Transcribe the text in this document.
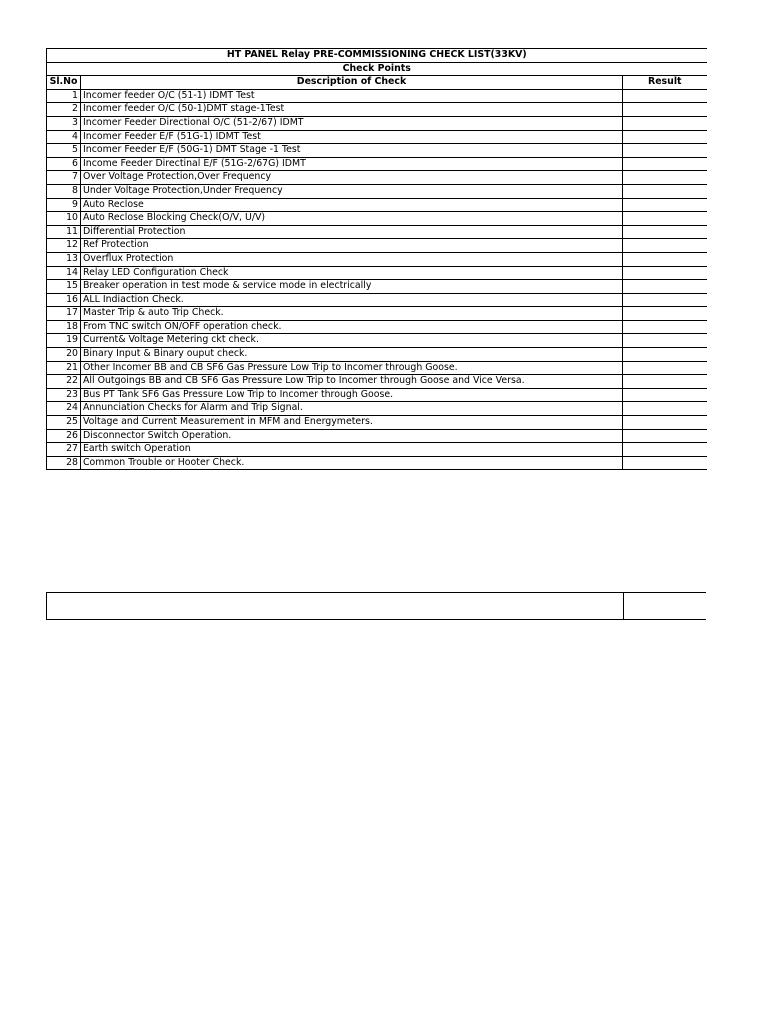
HT PANEL Relay PRE-COMMISSIONING CHECK LIST(33KV)		
Check Points		
Sl.No	Description of Check	Result
1	Incomer feeder O/C (51-1) IDMT Test	
2	Incomer feeder O/C (50-1)DMT stage-1Test	
3	Incomer Feeder Directional O/C (51-2/67) IDMT	
4	Incomer Feeder E/F (51G-1) IDMT Test	
5	Incomer Feeder E/F (50G-1) DMT Stage -1 Test	
6	Income Feeder Directinal E/F (51G-2/67G) IDMT	
7	Over Voltage Protection,Over Frequency	
8	Under Voltage Protection,Under Frequency	
9	Auto Reclose	
10	Auto Reclose Blocking Check(O/V, U/V)	
11	Differential Protection	
12	Ref Protection	
13	Overflux Protection	
14	Relay LED Configuration Check	
15	Breaker operation in test mode & service mode in electrically	
16	ALL Indiaction Check.	
17	Master Trip & auto Trip Check.	
18	From TNC switch ON/OFF operation check.	
19	Current& Voltage Metering ckt check.	
20	Binary Input & Binary ouput check.	
21	Other Incomer BB and CB SF6 Gas Pressure Low Trip to Incomer through Goose.	
22	All Outgoings BB and CB SF6 Gas Pressure Low Trip to Incomer through Goose and Vice Versa.	
23	Bus PT Tank SF6 Gas Pressure Low Trip to Incomer through Goose.	
24	Annunciation Checks for Alarm and Trip Signal.	
25	Voltage and Current Measurement in MFM and Energymeters.	
26	Disconnector Switch Operation.	
27	Earth switch Operation	
28	Common Trouble or Hooter Check.	
